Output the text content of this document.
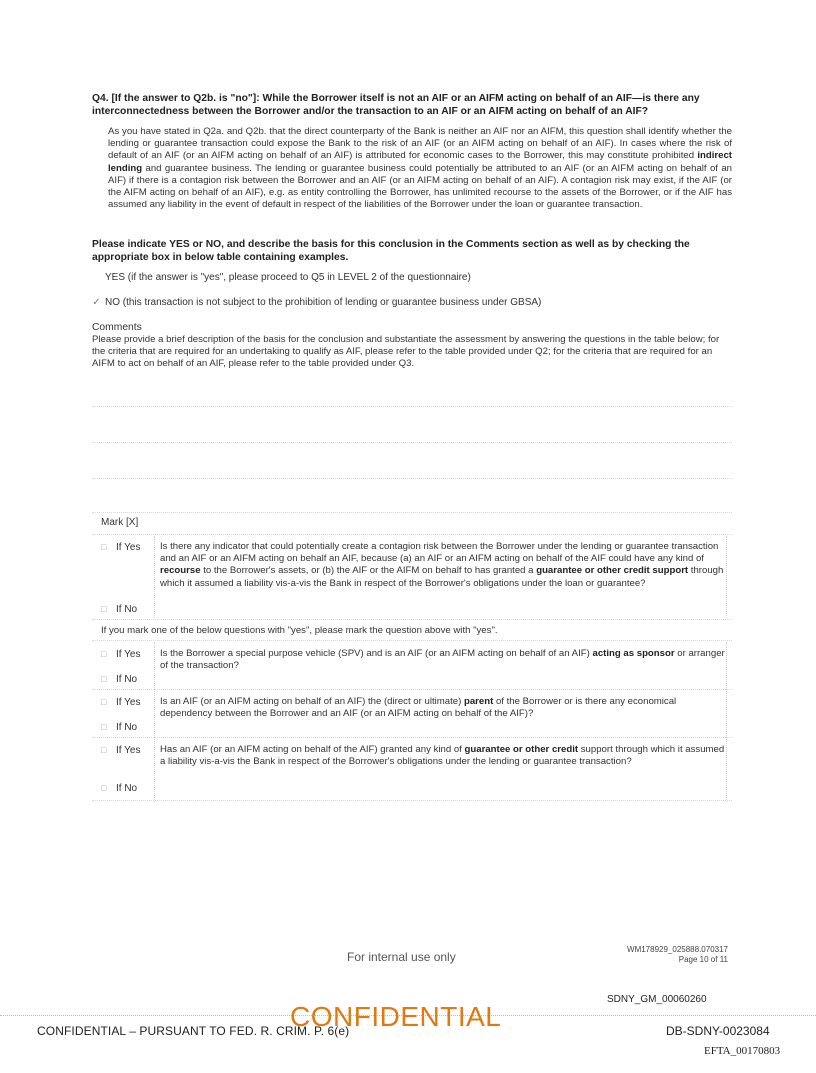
Q4. [If the answer to Q2b. is "no"]: While the Borrower itself is not an AIF or an AIFM acting on behalf of an AIF—is there any interconnectedness between the Borrower and/or the transaction to an AIF or an AIFM acting on behalf of an AIF?
As you have stated in Q2a. and Q2b. that the direct counterparty of the Bank is neither an AIF nor an AIFM, this question shall identify whether the lending or guarantee transaction could expose the Bank to the risk of an AIF (or an AIFM acting on behalf of an AIF). In cases where the risk of default of an AIF (or an AIFM acting on behalf of an AIF) is attributed for economic cases to the Borrower, this may constitute prohibited indirect lending and guarantee business. The lending or guarantee business could potentially be attributed to an AIF (or an AIFM acting on behalf of an AIF) if there is a contagion risk between the Borrower and an AIF (or an AIFM acting on behalf of an AIF). A contagion risk may exist, if the AIF (or the AIFM acting on behalf of an AIF), e.g. as entity controlling the Borrower, has unlimited recourse to the assets of the Borrower, or if the AIF has assumed any liability in the event of default in respect of the liabilities of the Borrower under the loan or guarantee transaction.
Please indicate YES or NO, and describe the basis for this conclusion in the Comments section as well as by checking the appropriate box in below table containing examples.
YES (if the answer is "yes", please proceed to Q5 in LEVEL 2 of the questionnaire)
✓ NO (this transaction is not subject to the prohibition of lending or guarantee business under GBSA)
Comments
Please provide a brief description of the basis for the conclusion and substantiate the assessment by answering the questions in the table below; for the criteria that are required for an undertaking to qualify as AIF, please refer to the table provided under Q2; for the criteria that are required for an AIFM to act on behalf of an AIF, please refer to the table provided under Q3.
Mark [X]
□ If Yes Is there any indicator that could potentially create a contagion risk between the Borrower under the lending or guarantee transaction and an AIF or an AIFM acting on behalf an AIF, because (a) an AIF or an AIFM acting on behalf of the AIF could have any kind of recourse to the Borrower's assets, or (b) the AIF or the AIFM on behalf to has granted a guarantee or other credit support through which it assumed a liability vis-a-vis the Bank in respect of the Borrower's obligations under the loan or guarantee?
□ If No
If you mark one of the below questions with "yes", please mark the question above with "yes".
□ If Yes Is the Borrower a special purpose vehicle (SPV) and is an AIF (or an AIFM acting on behalf of an AIF) acting as sponsor or arranger of the transaction?
□ If No
□ If Yes Is an AIF (or an AIFM acting on behalf of an AIF) the (direct or ultimate) parent of the Borrower or is there any economical dependency between the Borrower and an AIF (or an AIFM acting on behalf of the AIF)?
□ If No
□ If Yes Has an AIF (or an AIFM acting on behalf of the AIF) granted any kind of guarantee or other credit support through which it assumed a liability vis-a-vis the Bank in respect of the Borrower's obligations under the lending or guarantee transaction?
□ If No
For internal use only
WM178929_025888.070317
Page 10 of 11
SDNY_GM_00060260
CONFIDENTIAL – PURSUANT TO FED. R. CRIM. P. 6(e)
CONFIDENTIAL	DB-SDNY-0023084
EFTA_00170803
